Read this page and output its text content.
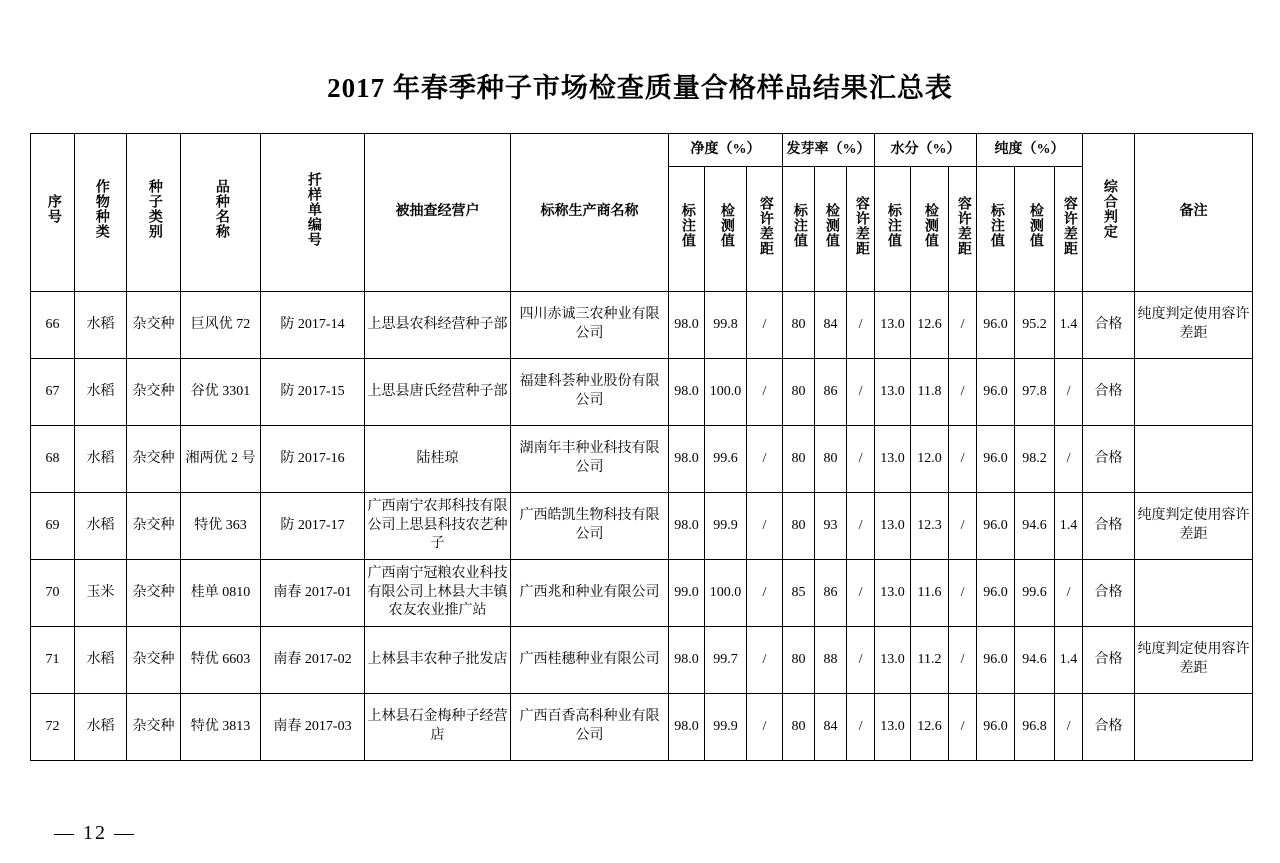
2017 年春季种子市场检查质量合格样品结果汇总表
序号	作物种类	种子类别	品种名称	扦样单编号	被抽查经营户	标称生产商名称	净度（%）			发芽率（%）			水分（%）			纯度（%）			综合判定	备注
							标注值	检测值	容许差距	标注值	检测值	容许差距	标注值	检测值	容许差距	标注值	检测值	容许差距		
66	水稻	杂交种	巨风优 72	防 2017-14	上思县农科经营种子部	四川赤诚三农种业有限公司	98.0	99.8	/	80	84	/	13.0	12.6	/	96.0	95.2	1.4	合格	纯度判定使用容许差距
67	水稻	杂交种	谷优 3301	防 2017-15	上思县唐氏经营种子部	福建科荟种业股份有限公司	98.0	100.0	/	80	86	/	13.0	11.8	/	96.0	97.8	/	合格	
68	水稻	杂交种	湘两优 2 号	防 2017-16	陆桂琼	湖南年丰种业科技有限公司	98.0	99.6	/	80	80	/	13.0	12.0	/	96.0	98.2	/	合格	
69	水稻	杂交种	特优 363	防 2017-17	广西南宁农邦科技有限公司上思县科技农艺种子	广西皓凯生物科技有限公司	98.0	99.9	/	80	93	/	13.0	12.3	/	96.0	94.6	1.4	合格	纯度判定使用容许差距
70	玉米	杂交种	桂单 0810	南春 2017-01	广西南宁冠粮农业科技有限公司上林县大丰镇农友农业推广站	广西兆和种业有限公司	99.0	100.0	/	85	86	/	13.0	11.6	/	96.0	99.6	/	合格	
71	水稻	杂交种	特优 6603	南春 2017-02	上林县丰农种子批发店	广西桂穗种业有限公司	98.0	99.7	/	80	88	/	13.0	11.2	/	96.0	94.6	1.4	合格	纯度判定使用容许差距
72	水稻	杂交种	特优 3813	南春 2017-03	上林县石金梅种子经营店	广西百香高科种业有限公司	98.0	99.9	/	80	84	/	13.0	12.6	/	96.0	96.8	/	合格	
— 12 —
